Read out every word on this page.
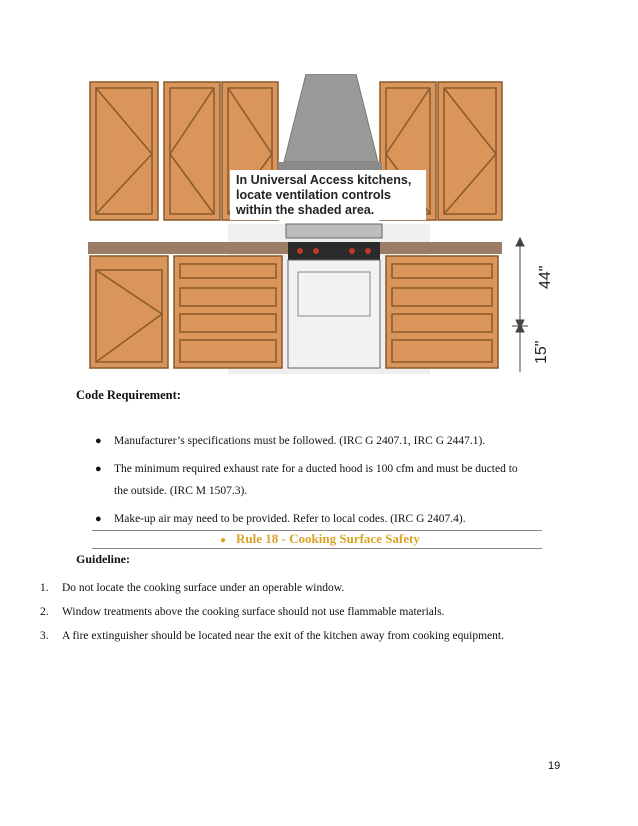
In Universal Access kitchens,
locate ventilation controls
within the shaded area.
44"
15"
Code Requirement:
● Manufacturer’s specifications must be followed. (IRC G 2407.1, IRC G 2447.1).
● The minimum required exhaust rate for a ducted hood is 100 cfm and must be ducted to the outside. (IRC M 1507.3).
● Make-up air may need to be provided. Refer to local codes. (IRC G 2407.4).
● Rule 18 - Cooking Surface Safety
Guideline:
1. Do not locate the cooking surface under an operable window.
2. Window treatments above the cooking surface should not use flammable materials.
3. A fire extinguisher should be located near the exit of the kitchen away from cooking equipment.
19
